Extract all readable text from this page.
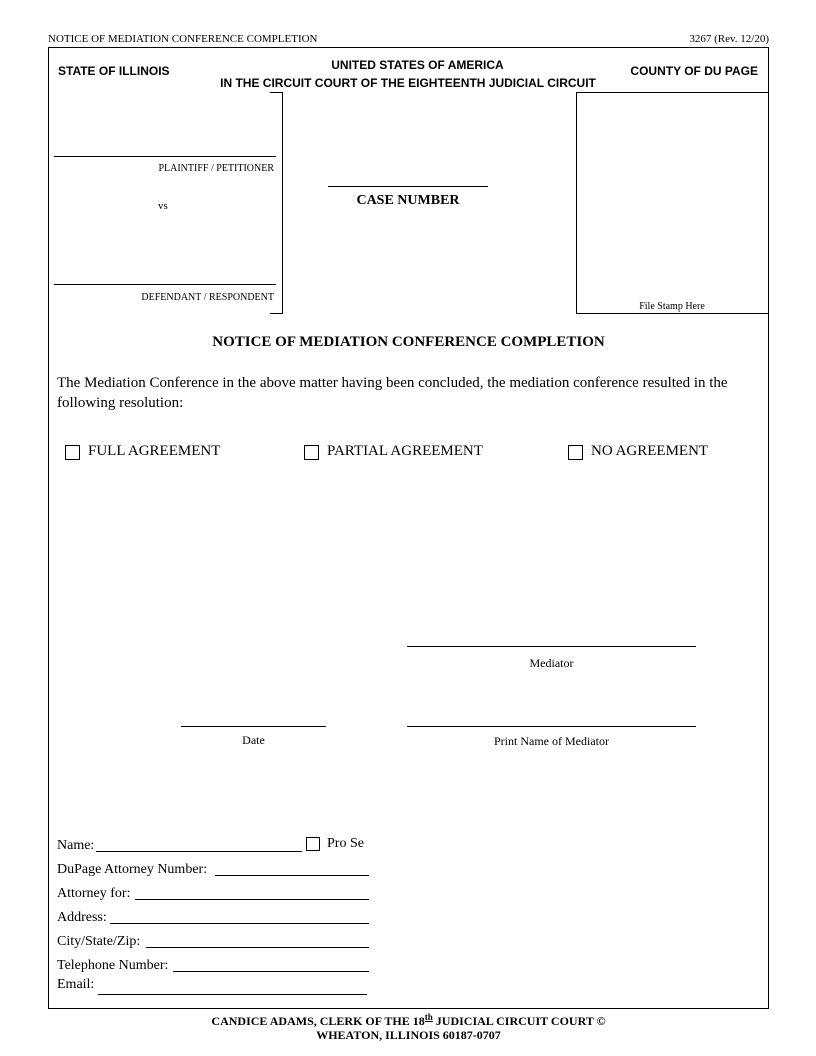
NOTICE OF MEDIATION CONFERENCE COMPLETION	3267 (Rev. 12/20)
STATE OF ILLINOIS	UNITED STATES OF AMERICA
IN THE CIRCUIT COURT OF THE EIGHTEENTH JUDICIAL CIRCUIT
COUNTY OF DU PAGE
PLAINTIFF / PETITIONER
vs
DEFENDANT / RESPONDENT
CASE NUMBER
File Stamp Here
NOTICE OF MEDIATION CONFERENCE COMPLETION
The Mediation Conference in the above matter having been concluded, the mediation conference resulted in the following resolution:
FULL AGREEMENT	PARTIAL AGREEMENT	NO AGREEMENT
Mediator
Date	Print Name of Mediator
Name:	Pro Se
DuPage Attorney Number:
Attorney for:
Address:
City/State/Zip:
Telephone Number:
Email:
CANDICE ADAMS, CLERK OF THE 18th JUDICIAL CIRCUIT COURT ©
WHEATON, ILLINOIS 60187-0707
